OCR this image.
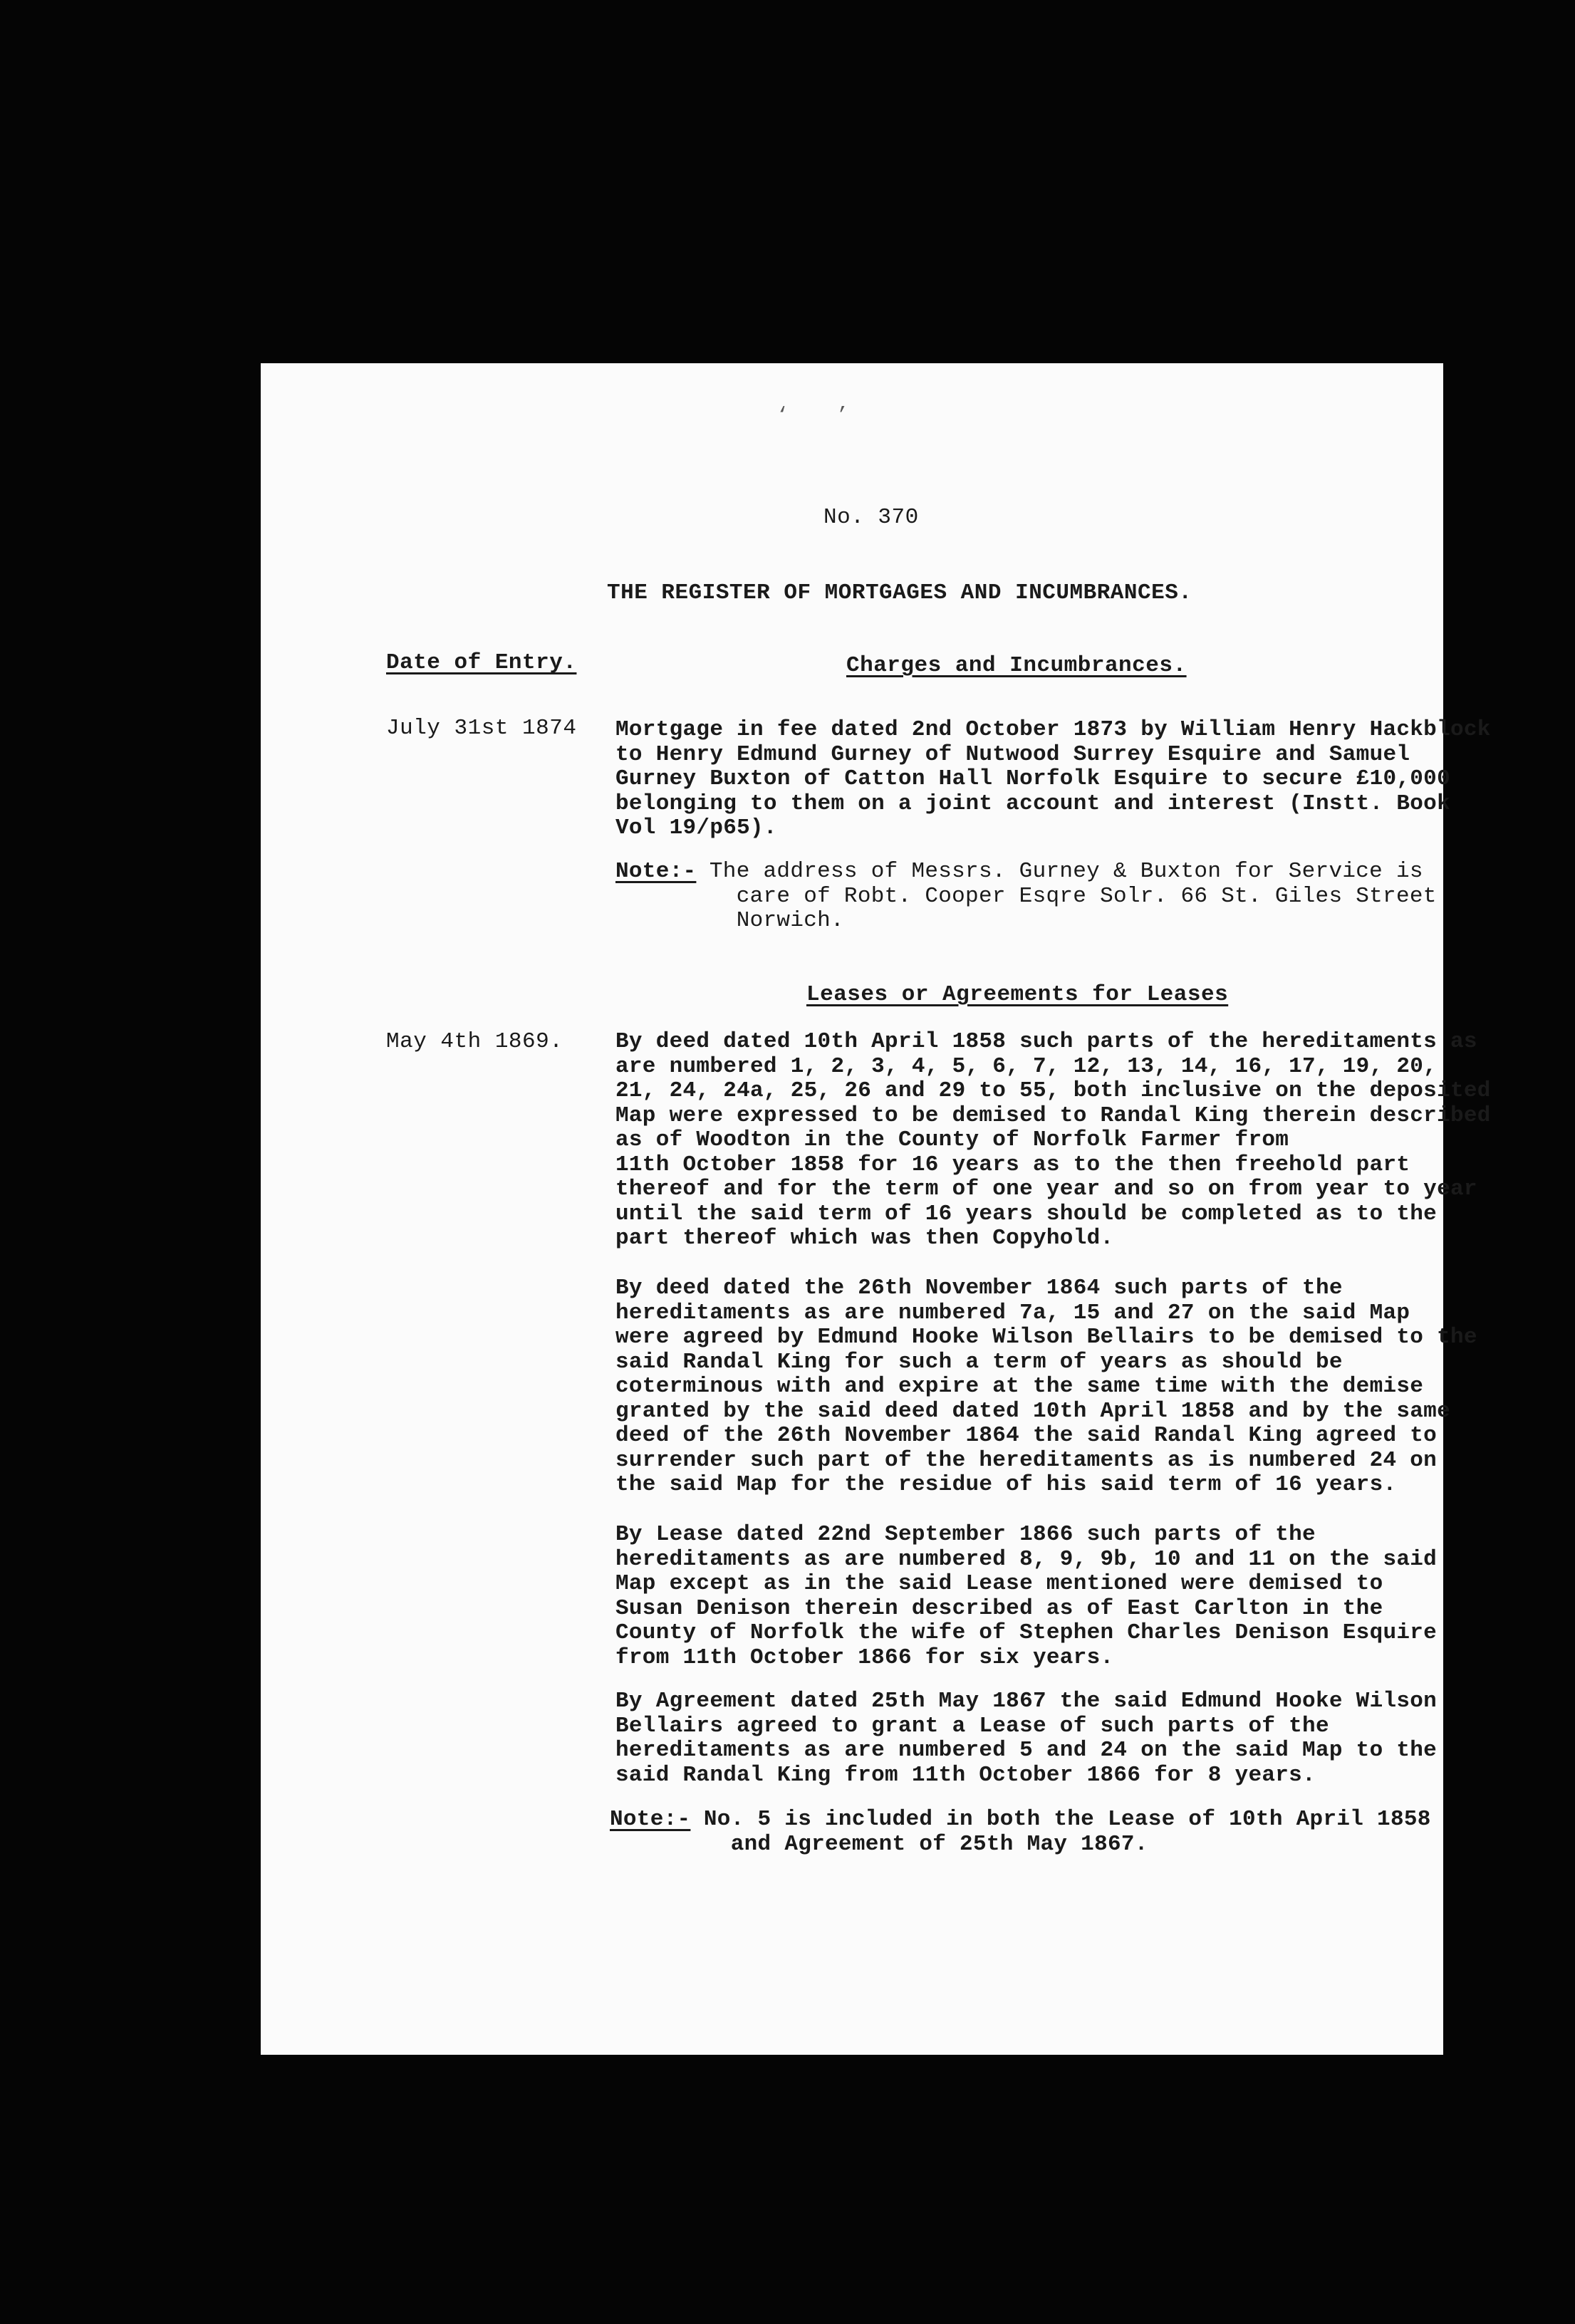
‘    ’

No. 370

THE REGISTER OF MORTGAGES AND INCUMBRANCES.

Date of Entry.	Charges and Incumbrances.

July 31st 1874 Mortgage in fee dated 2nd October 1873 by William Henry Hackblock
to Henry Edmund Gurney of Nutwood Surrey Esquire and Samuel
Gurney Buxton of Catton Hall Norfolk Esquire to secure £10,000
belonging to them on a joint account and interest (Instt. Book
Vol 19/p65).

Note:- The address of Messrs. Gurney & Buxton for Service is
care of Robt. Cooper Esqre Solr. 66 St. Giles Street
Norwich.

Leases or Agreements for Leases

May 4th 1869. By deed dated 10th April 1858 such parts of the hereditaments as
are numbered 1, 2, 3, 4, 5, 6, 7, 12, 13, 14, 16, 17, 19, 20,
21, 24, 24a, 25, 26 and 29 to 55, both inclusive on the deposited
Map were expressed to be demised to Randal King therein described
as of Woodton in the County of Norfolk Farmer from
11th October 1858 for 16 years as to the then freehold part
thereof and for the term of one year and so on from year to year
until the said term of 16 years should be completed as to the
part thereof which was then Copyhold.

By deed dated the 26th November 1864 such parts of the
hereditaments as are numbered 7a, 15 and 27 on the said Map
were agreed by Edmund Hooke Wilson Bellairs to be demised to the
said Randal King for such a term of years as should be
coterminous with and expire at the same time with the demise
granted by the said deed dated 10th April 1858 and by the same
deed of the 26th November 1864 the said Randal King agreed to
surrender such part of the hereditaments as is numbered 24 on
the said Map for the residue of his said term of 16 years.

By Lease dated 22nd September 1866 such parts of the
hereditaments as are numbered 8, 9, 9b, 10 and 11 on the said
Map except as in the said Lease mentioned were demised to
Susan Denison therein described as of East Carlton in the
County of Norfolk the wife of Stephen Charles Denison Esquire
from 11th October 1866 for six years.

By Agreement dated 25th May 1867 the said Edmund Hooke Wilson
Bellairs agreed to grant a Lease of such parts of the
hereditaments as are numbered 5 and 24 on the said Map to the
said Randal King from 11th October 1866 for 8 years.

Note:- No. 5 is included in both the Lease of 10th April 1858
and Agreement of 25th May 1867.
